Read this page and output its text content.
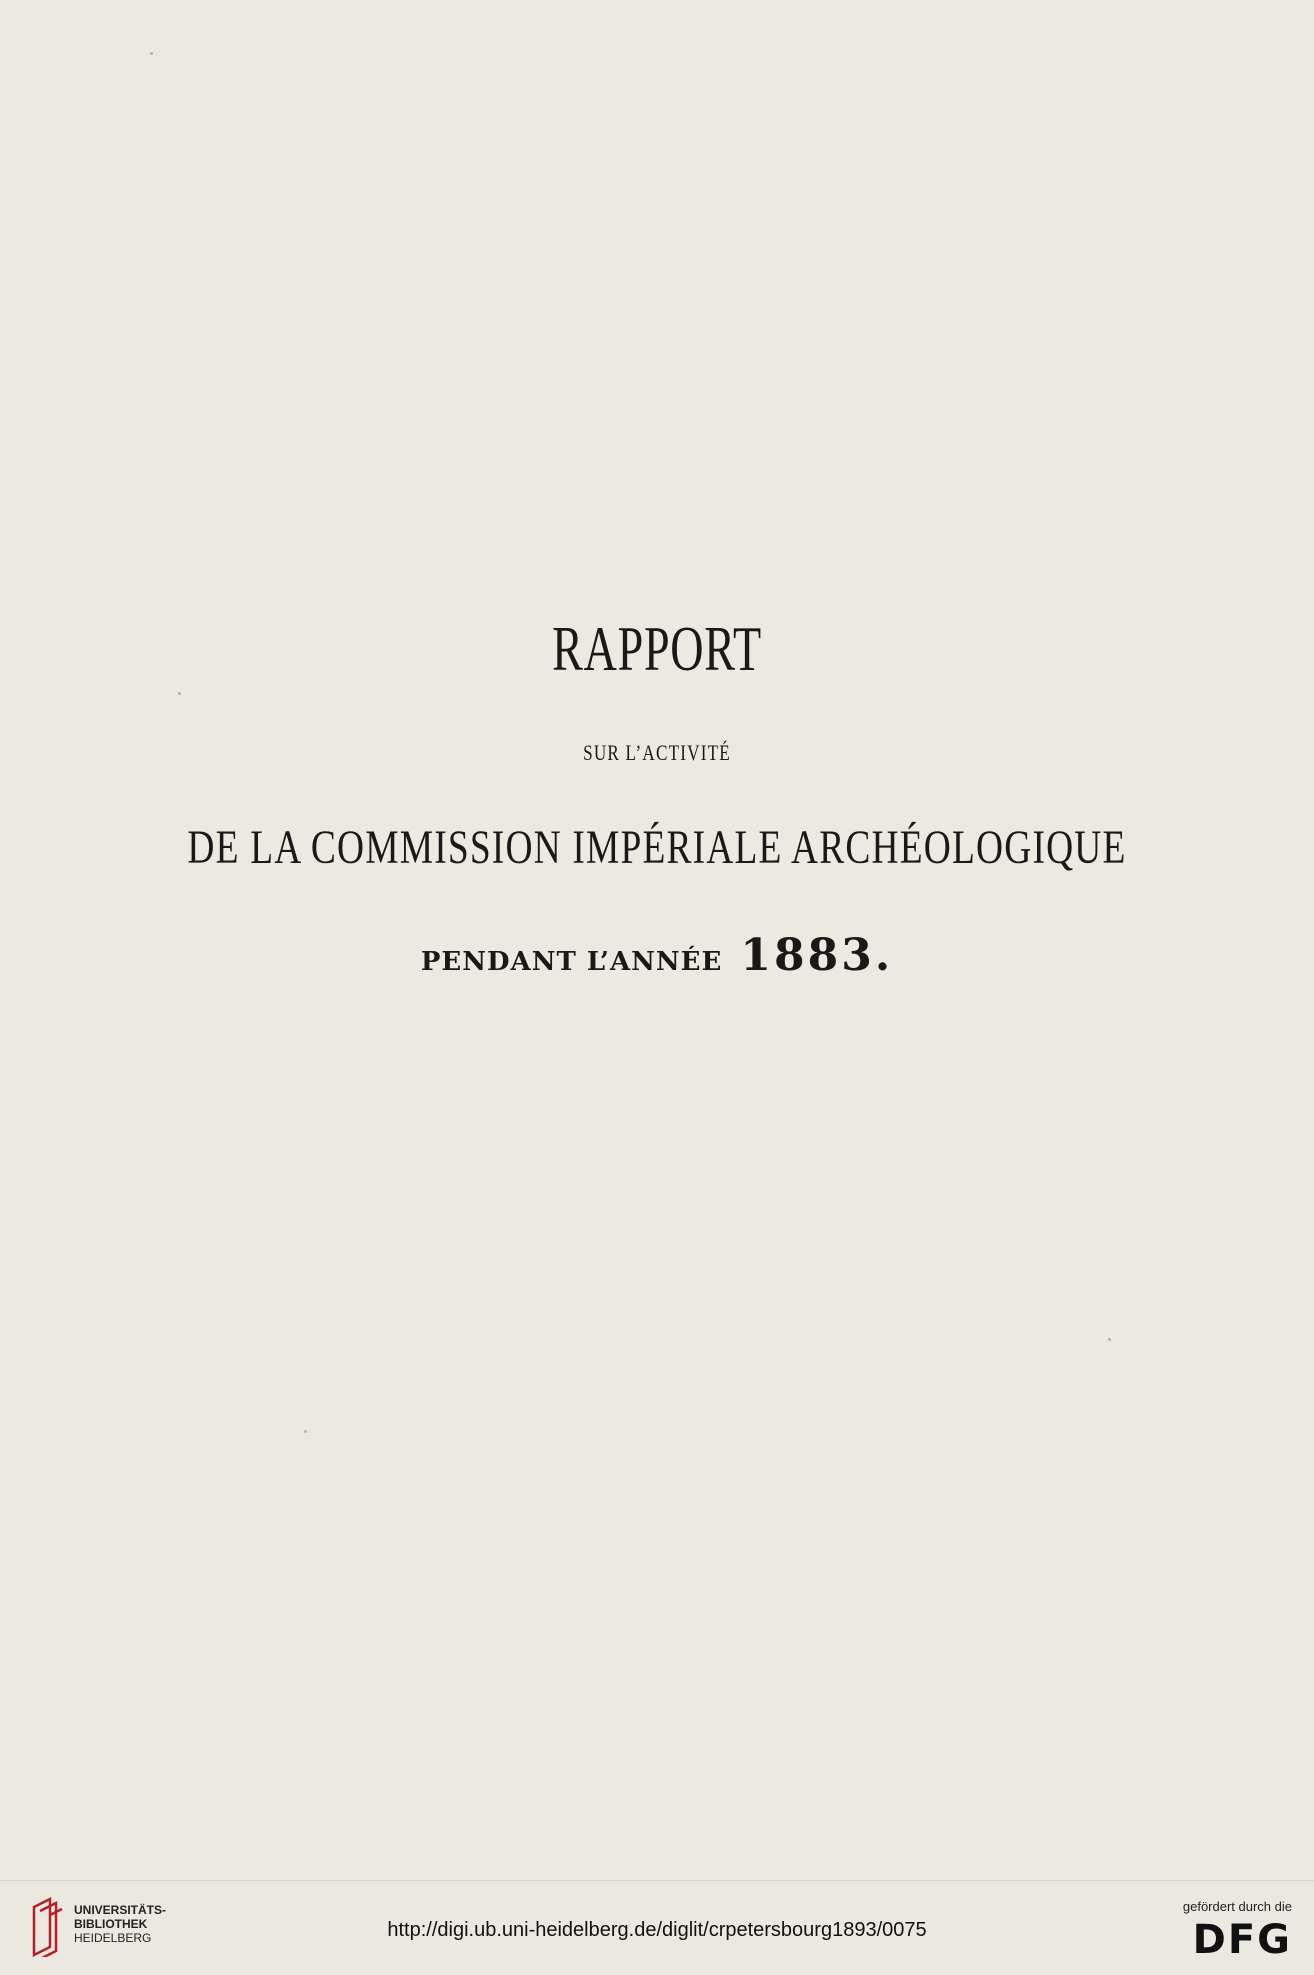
RAPPORT
SUR L’ACTIVITÉ
DE LA COMMISSION IMPÉRIALE ARCHÉOLOGIQUE
PENDANT L’ANNÉE 1883.
UNIVERSITÄTS-
BIBLIOTHEK
HEIDELBERG	http://digi.ub.uni-heidelberg.de/diglit/crpetersbourg1893/0075
gefördert durch die
DFG
